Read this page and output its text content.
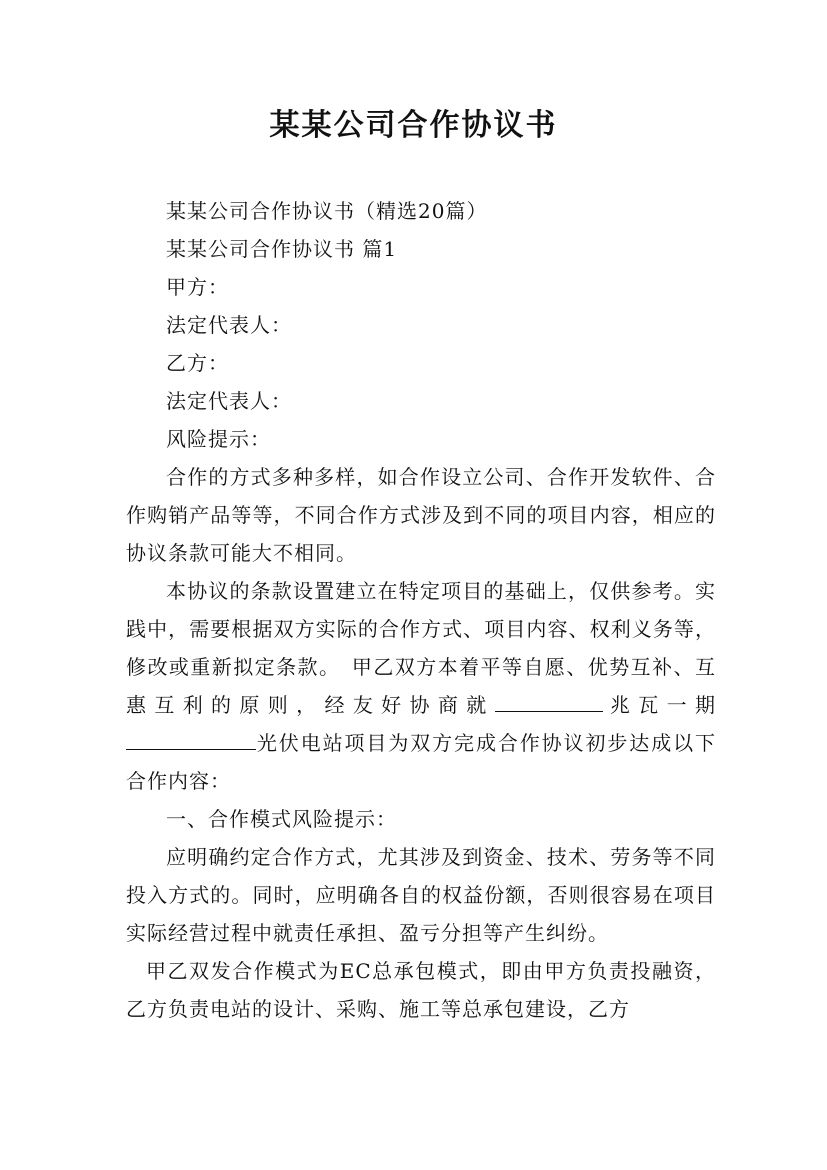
某某公司合作协议书

某某公司合作协议书（精选20篇）

某某公司合作协议书 篇1

甲方：

法定代表人：

乙方：

法定代表人：

风险提示：

合作的方式多种多样，如合作设立公司、合作开发软件、合作购销产品等等，不同合作方式涉及到不同的项目内容，相应的协议条款可能大不相同。

本协议的条款设置建立在特定项目的基础上，仅供参考。实践中，需要根据双方实际的合作方式、项目内容、权利义务等，修改或重新拟定条款。　甲乙双方本着平等自愿、优势互补、互惠互利的原则，经友好协商就	兆瓦一期光伏电站项目为双方完成合作协议初步达成以下合作内容：

一、合作模式风险提示：

应明确约定合作方式，尤其涉及到资金、技术、劳务等不同投入方式的。同时，应明确各自的权益份额，否则很容易在项目实际经营过程中就责任承担、盈亏分担等产生纠纷。

甲乙双发合作模式为EC总承包模式，即由甲方负责投融资，乙方负责电站的设计、采购、施工等总承包建设，乙方
